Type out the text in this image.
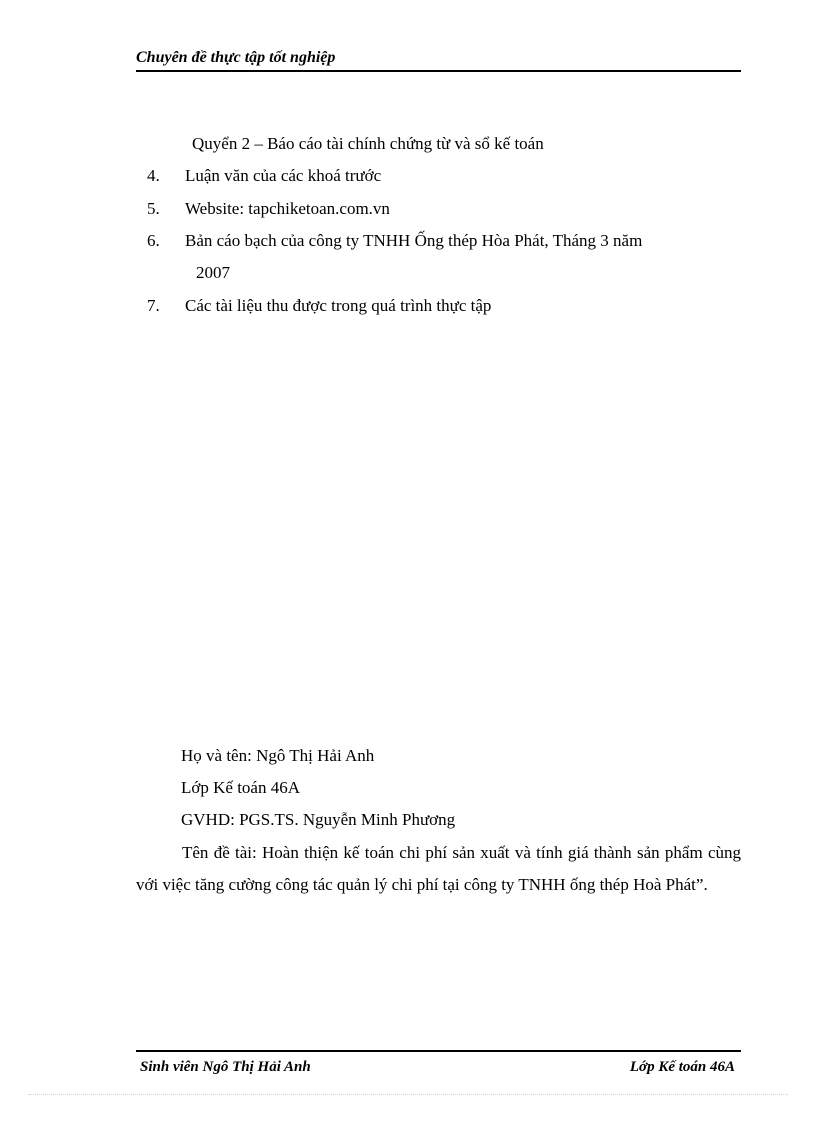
Chuyên đề thực tập tốt nghiệp
Quyển 2 – Báo cáo tài chính chứng từ và sổ kế toán
4. Luận văn của các khoá trước
5. Website: tapchiketoan.com.vn
6. Bản cáo bạch của công ty TNHH Ống thép Hòa Phát, Tháng 3 năm
2007
7. Các tài liệu thu được trong quá trình thực tập
Họ và tên: Ngô Thị Hải Anh
Lớp Kế toán 46A
GVHD: PGS.TS. Nguyễn Minh Phương
Tên đề tài: Hoàn thiện kế toán chi phí sản xuất và tính giá thành sản phẩm cùng với việc tăng cường công tác quản lý chi phí tại công ty TNHH ống thép Hoà Phát”.
Sinh viên Ngô Thị Hải Anh	Lớp Kế toán 46A
